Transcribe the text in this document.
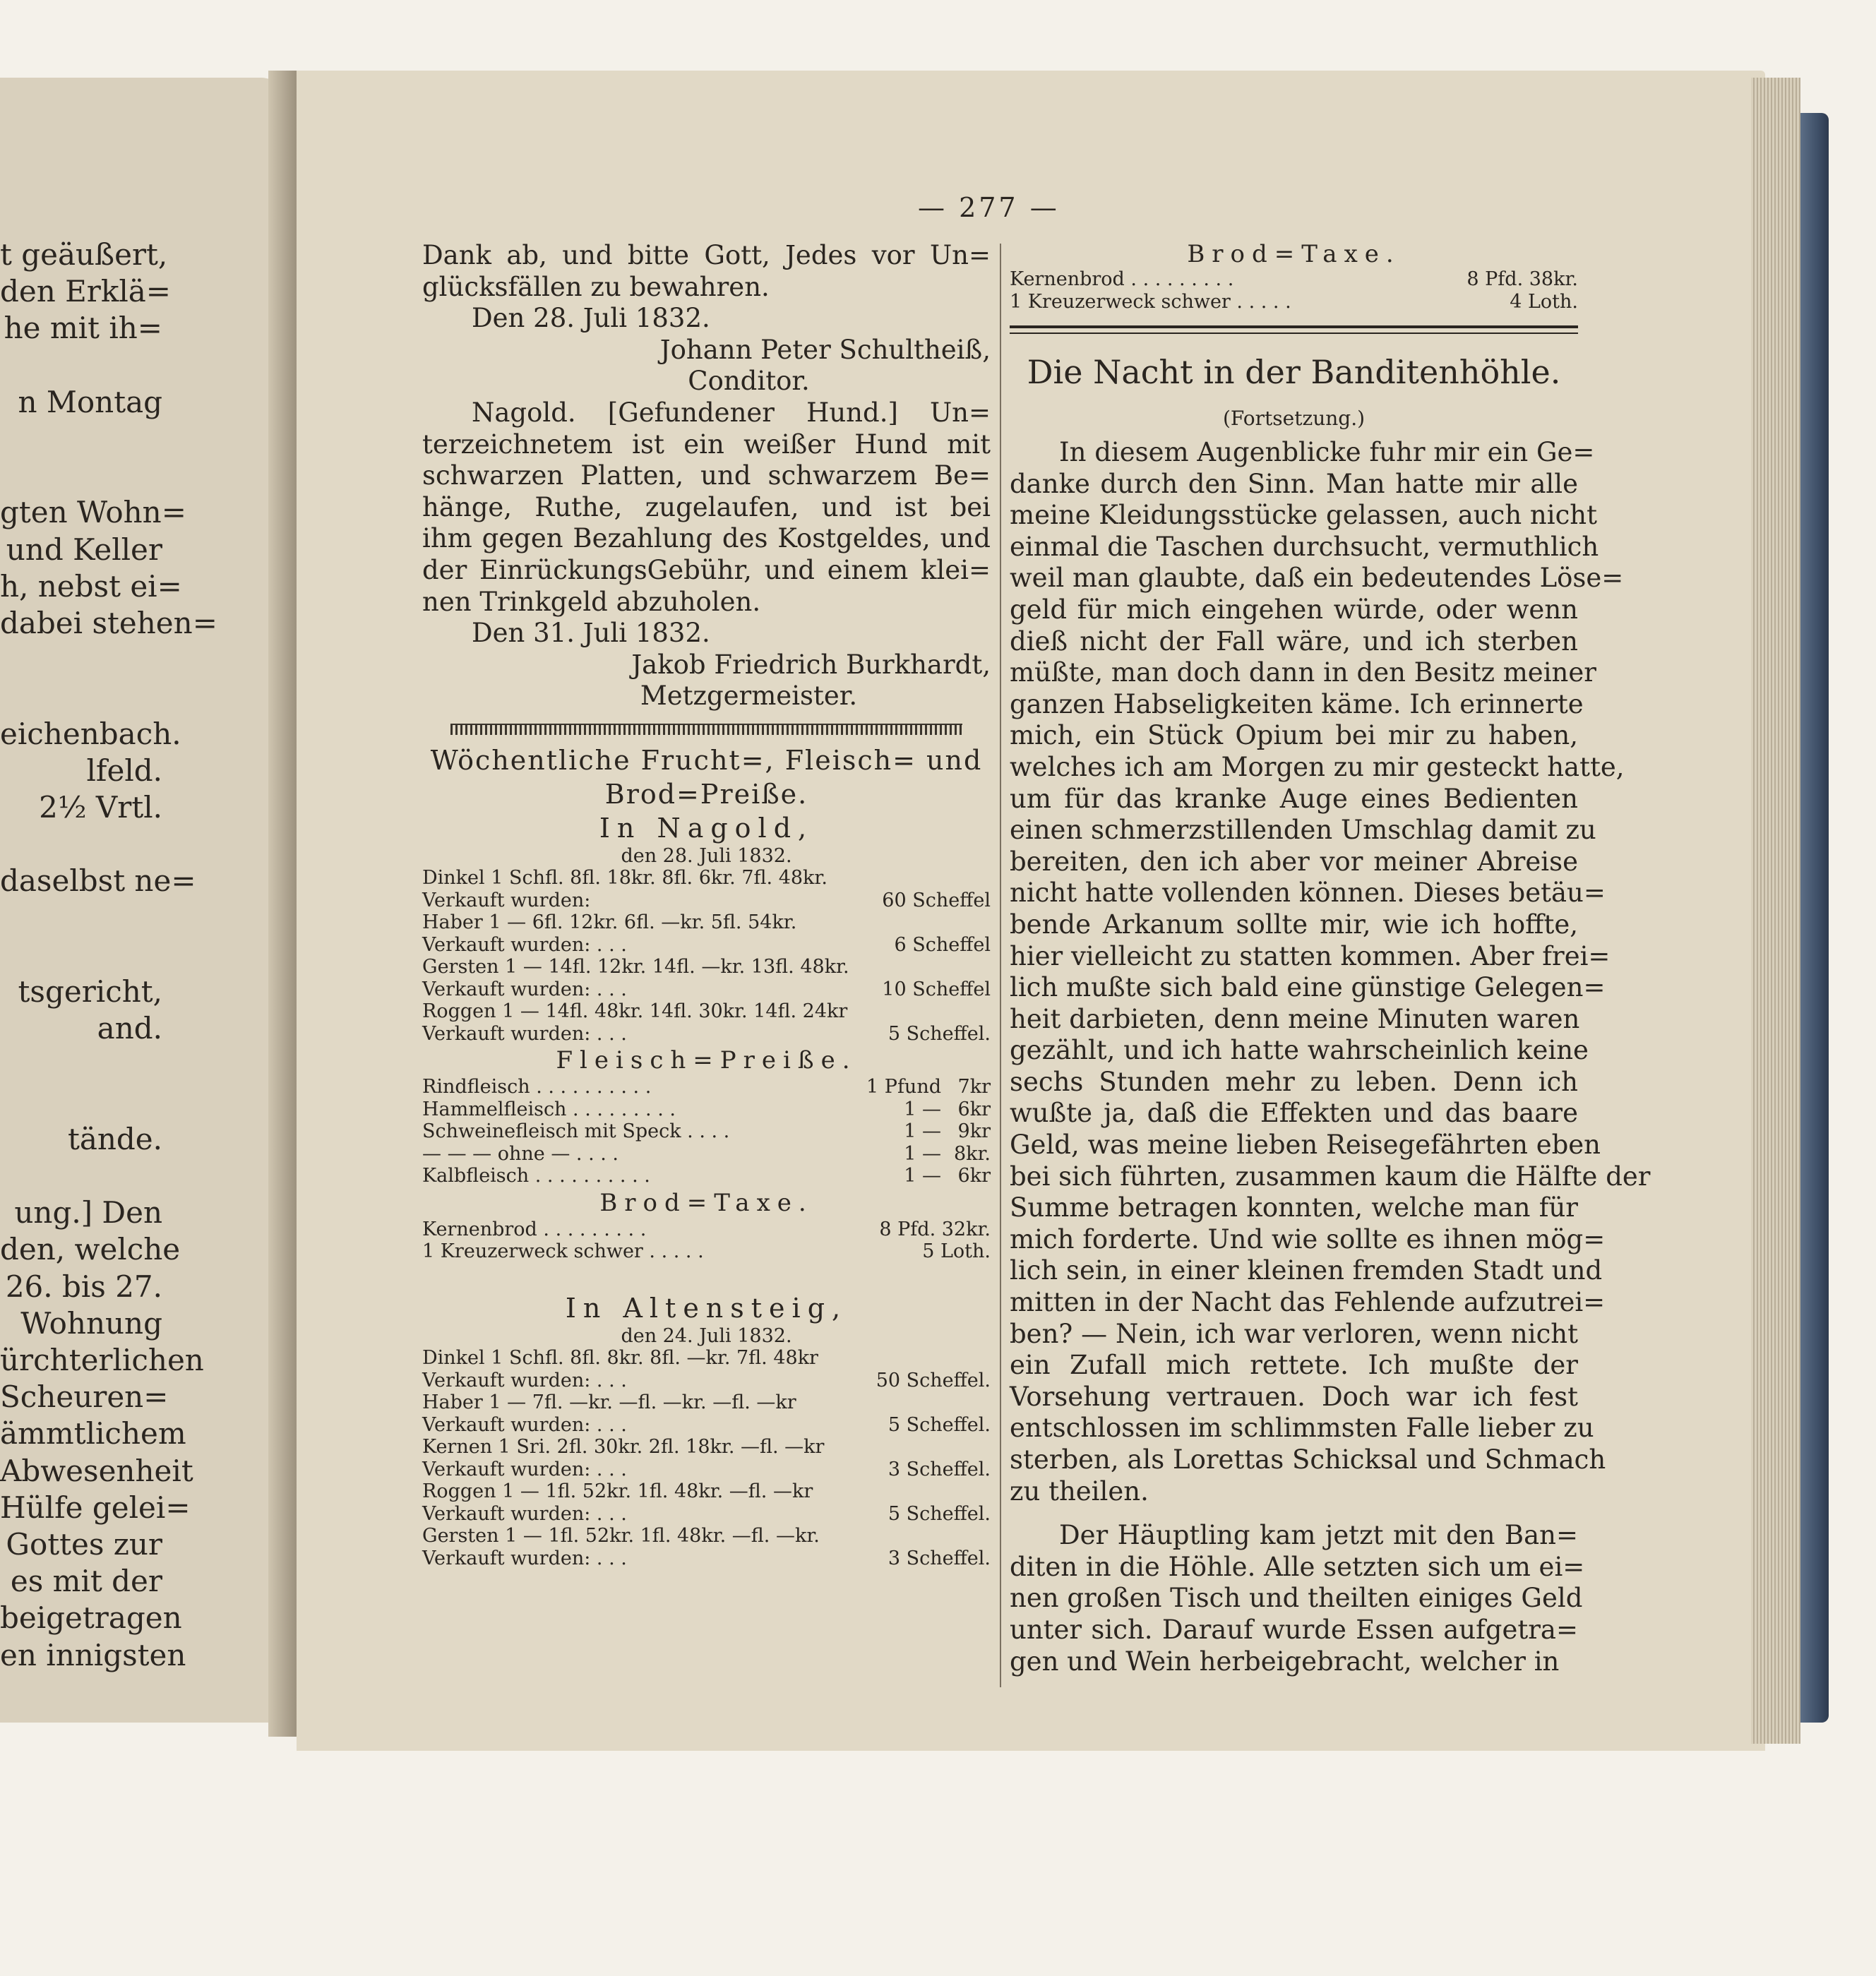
t geäußert,
den Erklä=
he mit ih=
n Montag
gten Wohn=
und Keller
h, nebst ei=
dabei stehen=
eichenbach.
lfeld.
2½ Vrtl.
daselbst ne=
tsgericht,
and.
tände.
ung.] Den
den, welche
26. bis 27.
Wohnung
ürchterlichen
Scheuren=
ämmtlichem
Abwesenheit
Hülfe gelei=
Gottes zur
es mit der
beigetragen
en innigsten
— 277 —
Dank ab, und bitte Gott, Jedes vor Un=
glücksfällen zu bewahren.
Den 28. Juli 1832.
Johann Peter Schultheiß,
Conditor.
Nagold. [Gefundener Hund.] Un=
terzeichnetem ist ein weißer Hund mit
schwarzen Platten, und schwarzem Be=
hänge, Ruthe, zugelaufen, und ist bei
ihm gegen Bezahlung des Kostgeldes, und
der EinrückungsGebühr, und einem klei=
nen Trinkgeld abzuholen.
Den 31. Juli 1832.
Jakob Friedrich Burkhardt,
Metzgermeister.
Wöchentliche Frucht=, Fleisch= und
Brod=Preiße.
In Nagold,
den 28. Juli 1832.
Dinkel 1 Schfl. 8fl. 18kr. 8fl. 6kr. 7fl. 48kr.
Verkauft wurden:	60 Scheffel
Haber 1 — 6fl. 12kr. 6fl. —kr. 5fl. 54kr.
Verkauft wurden: . . .	6 Scheffel
Gersten 1 — 14fl. 12kr. 14fl. —kr. 13fl. 48kr.
Verkauft wurden: . . .	10 Scheffel
Roggen 1 — 14fl. 48kr. 14fl. 30kr. 14fl. 24kr
Verkauft wurden: . . .	5 Scheffel.
Fleisch=Preiße.
Rindfleisch . . . . . . . . . .	1 Pfund 7kr
Hammelfleisch . . . . . . . . .	1 — 6kr
Schweinefleisch mit Speck . . . .	1 — 9kr
— — — ohne — . . . .	1 — 8kr.
Kalbfleisch . . . . . . . . . .	1 — 6kr
Brod=Taxe.
Kernenbrod . . . . . . . . .	8 Pfd. 32kr.
1 Kreuzerweck schwer . . . . .	5 Loth.
In Altensteig,
den 24. Juli 1832.
Dinkel 1 Schfl. 8fl. 8kr. 8fl. —kr. 7fl. 48kr
Verkauft wurden: . . .	50 Scheffel.
Haber 1 — 7fl. —kr. —fl. —kr. —fl. —kr
Verkauft wurden: . . .	5 Scheffel.
Kernen 1 Sri. 2fl. 30kr. 2fl. 18kr. —fl. —kr
Verkauft wurden: . . .	3 Scheffel.
Roggen 1 — 1fl. 52kr. 1fl. 48kr. —fl. —kr
Verkauft wurden: . . .	5 Scheffel.
Gersten 1 — 1fl. 52kr. 1fl. 48kr. —fl. —kr.
Verkauft wurden: . . .	3 Scheffel.
Brod=Taxe.
Kernenbrod . . . . . . . . .	8 Pfd. 38kr.
1 Kreuzerweck schwer . . . . .	4 Loth.
Die Nacht in der Banditenhöhle.
(Fortsetzung.)
In diesem Augenblicke fuhr mir ein Ge=
danke durch den Sinn. Man hatte mir alle
meine Kleidungsstücke gelassen, auch nicht
einmal die Taschen durchsucht, vermuthlich
weil man glaubte, daß ein bedeutendes Löse=
geld für mich eingehen würde, oder wenn
dieß nicht der Fall wäre, und ich sterben
müßte, man doch dann in den Besitz meiner
ganzen Habseligkeiten käme. Ich erinnerte
mich, ein Stück Opium bei mir zu haben,
welches ich am Morgen zu mir gesteckt hatte,
um für das kranke Auge eines Bedienten
einen schmerzstillenden Umschlag damit zu
bereiten, den ich aber vor meiner Abreise
nicht hatte vollenden können. Dieses betäu=
bende Arkanum sollte mir, wie ich hoffte,
hier vielleicht zu statten kommen. Aber frei=
lich mußte sich bald eine günstige Gelegen=
heit darbieten, denn meine Minuten waren
gezählt, und ich hatte wahrscheinlich keine
sechs Stunden mehr zu leben. Denn ich
wußte ja, daß die Effekten und das baare
Geld, was meine lieben Reisegefährten eben
bei sich führten, zusammen kaum die Hälfte der
Summe betragen konnten, welche man für
mich forderte. Und wie sollte es ihnen mög=
lich sein, in einer kleinen fremden Stadt und
mitten in der Nacht das Fehlende aufzutrei=
ben? — Nein, ich war verloren, wenn nicht
ein Zufall mich rettete. Ich mußte der
Vorsehung vertrauen. Doch war ich fest
entschlossen im schlimmsten Falle lieber zu
sterben, als Lorettas Schicksal und Schmach
zu theilen.
Der Häuptling kam jetzt mit den Ban=
diten in die Höhle. Alle setzten sich um ei=
nen großen Tisch und theilten einiges Geld
unter sich. Darauf wurde Essen aufgetra=
gen und Wein herbeigebracht, welcher in
